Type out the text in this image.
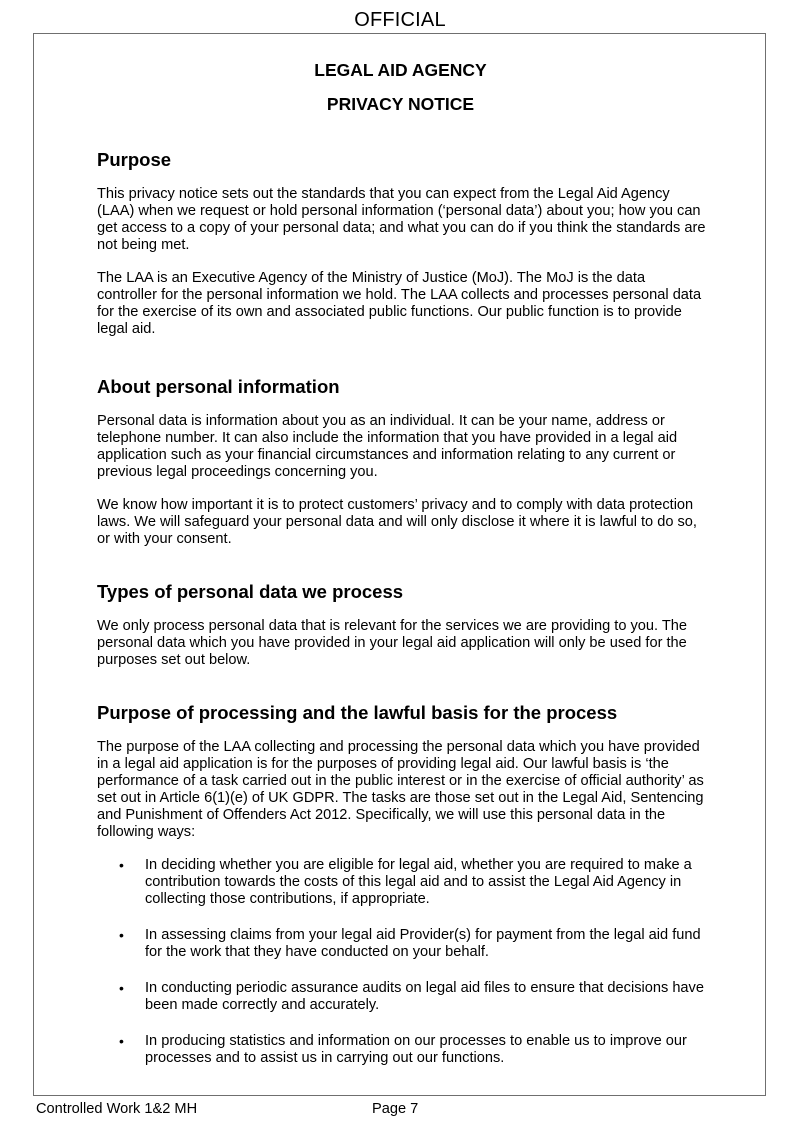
OFFICIAL
LEGAL AID AGENCY
PRIVACY NOTICE
Purpose

This privacy notice sets out the standards that you can expect from the Legal Aid Agency (LAA) when we request or hold personal information (‘personal data’) about you; how you can get access to a copy of your personal data; and what you can do if you think the standards are not being met.

The LAA is an Executive Agency of the Ministry of Justice (MoJ). The MoJ is the data controller for the personal information we hold. The LAA collects and processes personal data for the exercise of its own and associated public functions. Our public function is to provide legal aid.

About personal information

Personal data is information about you as an individual. It can be your name, address or telephone number. It can also include the information that you have provided in a legal aid application such as your financial circumstances and information relating to any current or previous legal proceedings concerning you.

We know how important it is to protect customers’ privacy and to comply with data protection laws. We will safeguard your personal data and will only disclose it where it is lawful to do so, or with your consent.

Types of personal data we process

We only process personal data that is relevant for the services we are providing to you. The personal data which you have provided in your legal aid application will only be used for the purposes set out below.

Purpose of processing and the lawful basis for the process

The purpose of the LAA collecting and processing the personal data which you have provided in a legal aid application is for the purposes of providing legal aid. Our lawful basis is ‘the performance of a task carried out in the public interest or in the exercise of official authority’ as set out in Article 6(1)(e) of UK GDPR. The tasks are those set out in the Legal Aid, Sentencing and Punishment of Offenders Act 2012. Specifically, we will use this personal data in the following ways:

• In deciding whether you are eligible for legal aid, whether you are required to make a contribution towards the costs of this legal aid and to assist the Legal Aid Agency in collecting those contributions, if appropriate.
• In assessing claims from your legal aid Provider(s) for payment from the legal aid fund for the work that they have conducted on your behalf.
• In conducting periodic assurance audits on legal aid files to ensure that decisions have been made correctly and accurately.
• In producing statistics and information on our processes to enable us to improve our processes and to assist us in carrying out our functions.
Controlled Work 1&2 MH	Page 7
